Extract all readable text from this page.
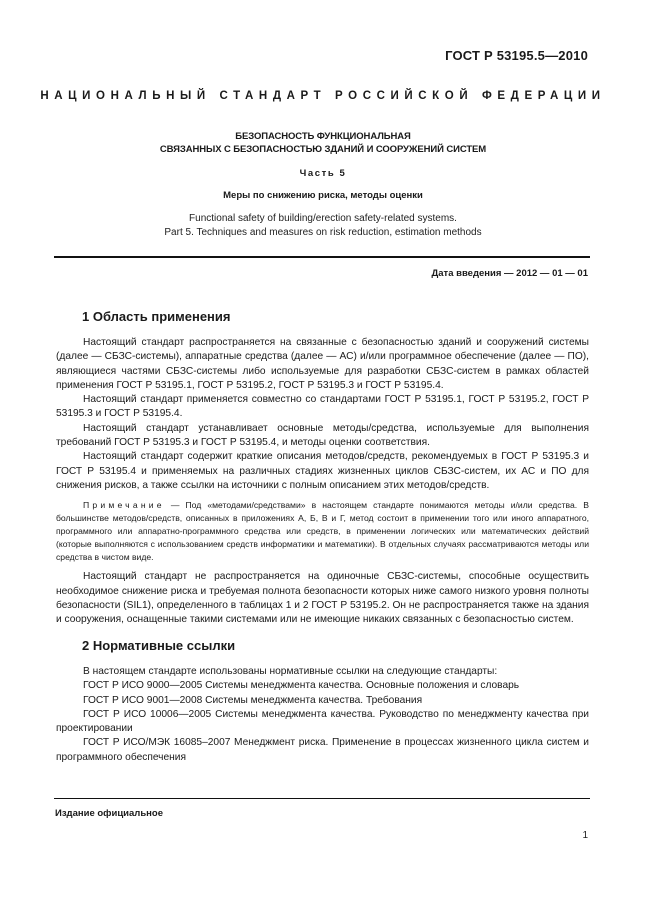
ГОСТ Р 53195.5—2010
НАЦИОНАЛЬНЫЙ СТАНДАРТ РОССИЙСКОЙ ФЕДЕРАЦИИ
БЕЗОПАСНОСТЬ ФУНКЦИОНАЛЬНАЯ
СВЯЗАННЫХ С БЕЗОПАСНОСТЬЮ ЗДАНИЙ И СООРУЖЕНИЙ СИСТЕМ
Часть 5
Меры по снижению риска, методы оценки
Functional safety of building/erection safety-related systems.
Part 5. Techniques and measures on risk reduction, estimation methods
Дата введения — 2012 — 01 — 01
1 Область применения

Настоящий стандарт распространяется на связанные с безопасностью зданий и сооружений системы (далее — СБЗС-системы), аппаратные средства (далее — АС) и/или программное обеспечение (далее — ПО), являющиеся частями СБЗС-системы либо используемые для разработки СБЗС-систем в рамках областей применения ГОСТ Р 53195.1, ГОСТ Р 53195.2, ГОСТ Р 53195.3 и ГОСТ Р 53195.4.

Настоящий стандарт применяется совместно со стандартами ГОСТ Р 53195.1, ГОСТ Р 53195.2, ГОСТ Р 53195.3 и ГОСТ Р 53195.4.

Настоящий стандарт устанавливает основные методы/средства, используемые для выполнения требований ГОСТ Р 53195.3 и ГОСТ Р 53195.4, и методы оценки соответствия.

Настоящий стандарт содержит краткие описания методов/средств, рекомендуемых в ГОСТ Р 53195.3 и ГОСТ Р 53195.4 и применяемых на различных стадиях жизненных циклов СБЗС-систем, их АС и ПО для снижения рисков, а также ссылки на источники с полным описанием этих методов/средств.

Примечание — Под «методами/средствами» в настоящем стандарте понимаются методы и/или средства. В большинстве методов/средств, описанных в приложениях А, Б, В и Г, метод состоит в применении того или иного аппаратного, программного или аппаратно-программного средства или средств, в применении логических или математических действий (которые выполняются с использованием средств информатики и математики). В отдельных случаях рассматриваются методы или средства в чистом виде.

Настоящий стандарт не распространяется на одиночные СБЗС-системы, способные осуществить необходимое снижение риска и требуемая полнота безопасности которых ниже самого низкого уровня полноты безопасности (SIL1), определенного в таблицах 1 и 2 ГОСТ Р 53195.2. Он не распространяется также на здания и сооружения, оснащенные такими системами или не имеющие никаких связанных с безопасностью систем.

2 Нормативные ссылки

В настоящем стандарте использованы нормативные ссылки на следующие стандарты:

ГОСТ Р ИСО 9000—2005 Системы менеджмента качества. Основные положения и словарь

ГОСТ Р ИСО 9001—2008 Системы менеджмента качества. Требования

ГОСТ Р ИСО 10006—2005 Системы менеджмента качества. Руководство по менеджменту качества при проектировании

ГОСТ Р ИСО/МЭК 16085–2007 Менеджмент риска. Применение в процессах жизненного цикла систем и программного обеспечения

Издание официальное
1
